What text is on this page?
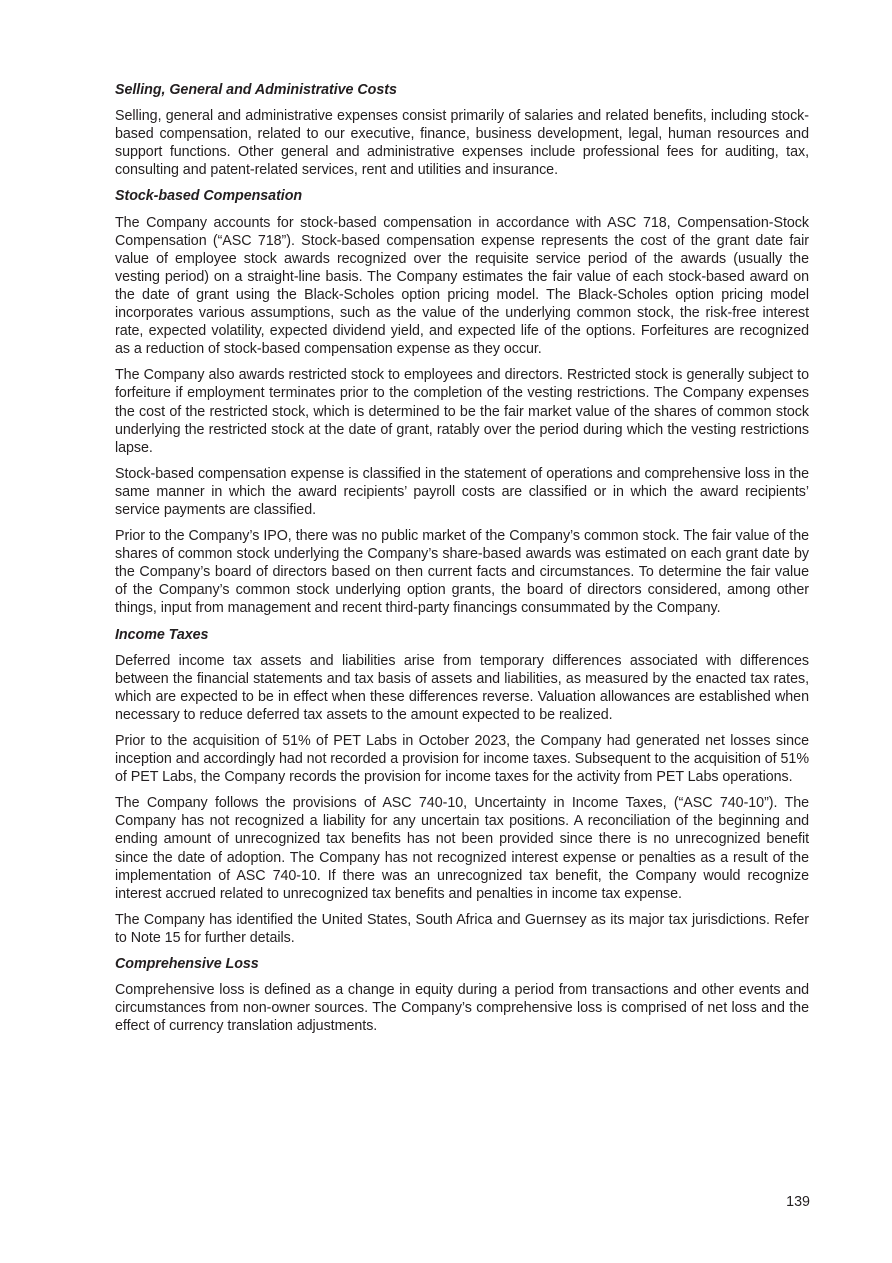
Selling, General and Administrative Costs
Selling, general and administrative expenses consist primarily of salaries and related benefits, including stock-based compensation, related to our executive, finance, business development, legal, human resources and support functions. Other general and administrative expenses include professional fees for auditing, tax, consulting and patent-related services, rent and utilities and insurance.
Stock-based Compensation
The Company accounts for stock-based compensation in accordance with ASC 718, Compensation-Stock Compensation (“ASC 718”). Stock-based compensation expense represents the cost of the grant date fair value of employee stock awards recognized over the requisite service period of the awards (usually the vesting period) on a straight-line basis. The Company estimates the fair value of each stock-based award on the date of grant using the Black-Scholes option pricing model. The Black-Scholes option pricing model incorporates various assumptions, such as the value of the underlying common stock, the risk-free interest rate, expected volatility, expected dividend yield, and expected life of the options. Forfeitures are recognized as a reduction of stock-based compensation expense as they occur.
The Company also awards restricted stock to employees and directors. Restricted stock is generally subject to forfeiture if employment terminates prior to the completion of the vesting restrictions. The Company expenses the cost of the restricted stock, which is determined to be the fair market value of the shares of common stock underlying the restricted stock at the date of grant, ratably over the period during which the vesting restrictions lapse.
Stock-based compensation expense is classified in the statement of operations and comprehensive loss in the same manner in which the award recipients’ payroll costs are classified or in which the award recipients’ service payments are classified.
Prior to the Company’s IPO, there was no public market of the Company’s common stock. The fair value of the shares of common stock underlying the Company’s share-based awards was estimated on each grant date by the Company’s board of directors based on then current facts and circumstances. To determine the fair value of the Company’s common stock underlying option grants, the board of directors considered, among other things, input from management and recent third-party financings consummated by the Company.
Income Taxes
Deferred income tax assets and liabilities arise from temporary differences associated with differences between the financial statements and tax basis of assets and liabilities, as measured by the enacted tax rates, which are expected to be in effect when these differences reverse. Valuation allowances are established when necessary to reduce deferred tax assets to the amount expected to be realized.
Prior to the acquisition of 51% of PET Labs in October 2023, the Company had generated net losses since inception and accordingly had not recorded a provision for income taxes. Subsequent to the acquisition of 51% of PET Labs, the Company records the provision for income taxes for the activity from PET Labs operations.
The Company follows the provisions of ASC 740-10, Uncertainty in Income Taxes, (“ASC 740-10”). The Company has not recognized a liability for any uncertain tax positions. A reconciliation of the beginning and ending amount of unrecognized tax benefits has not been provided since there is no unrecognized benefit since the date of adoption. The Company has not recognized interest expense or penalties as a result of the implementation of ASC 740-10. If there was an unrecognized tax benefit, the Company would recognize interest accrued related to unrecognized tax benefits and penalties in income tax expense.
The Company has identified the United States, South Africa and Guernsey as its major tax jurisdictions. Refer to Note 15 for further details.
Comprehensive Loss
Comprehensive loss is defined as a change in equity during a period from transactions and other events and circumstances from non-owner sources. The Company’s comprehensive loss is comprised of net loss and the effect of currency translation adjustments.
139
